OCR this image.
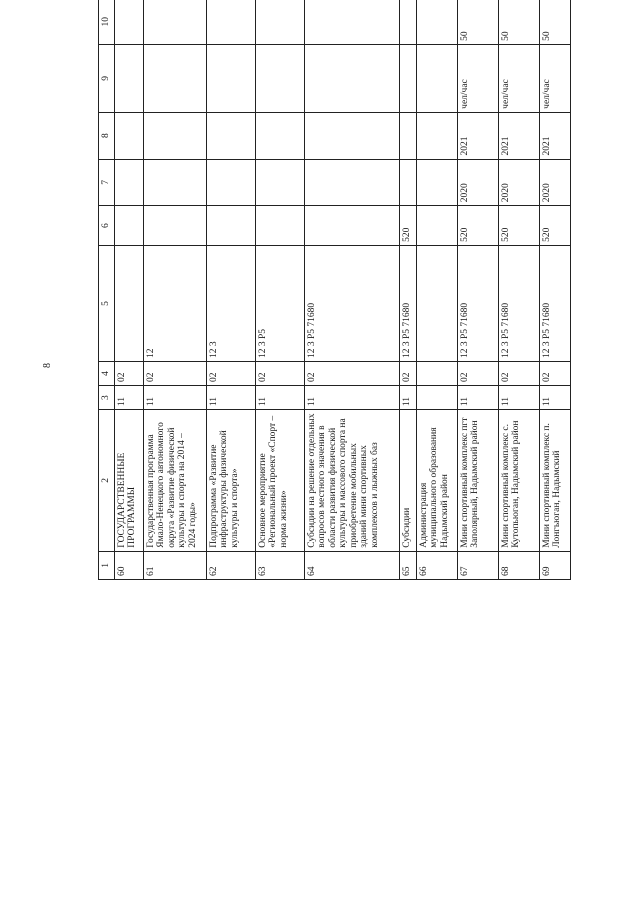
8
1	2	3	4	5	6	7	8	9	10		
60	ГОСУДАРСТВЕННЫЕ ПРОГРАММЫ	11	02								
61	Государственная программа Ямало-Ненецкого автономного округа «Развитие физической культуры и спорта на 2014 – 2024 годы»	11	02	12							
62	Подпрограмма «Развитие инфраструктуры физической культуры и спорта»	11	02	12 3							
63	Основное мероприятие «Региональный проект «Спорт – норма жизни»	11	02	12 3 P5							
64	Субсидии на решение отдельных вопросов местного значения в области развития физической культуры и массового спорта на приобретение мобильных зданий мини спортивных комплексов и лыжных баз	11	02	12 3 P5 71680							
65	Субсидии	11	02	12 3 P5 71680	520						
66	Администрация муниципального образования Надымский район										
67	Мини спортивный комплекс пгт Заполярный, Надымский район	11	02	12 3 P5 71680	520	2020	2021	чел/час	50		
68	Мини спортивный комплекс с. Кутопьюган, Надымский район	11	02	12 3 P5 71680	520	2020	2021	чел/час	50		
69	Мини спортивный комплекс п. Лонгъюган, Надымский	11	02	12 3 P5 71680	520	2020	2021	чел/час	50		
